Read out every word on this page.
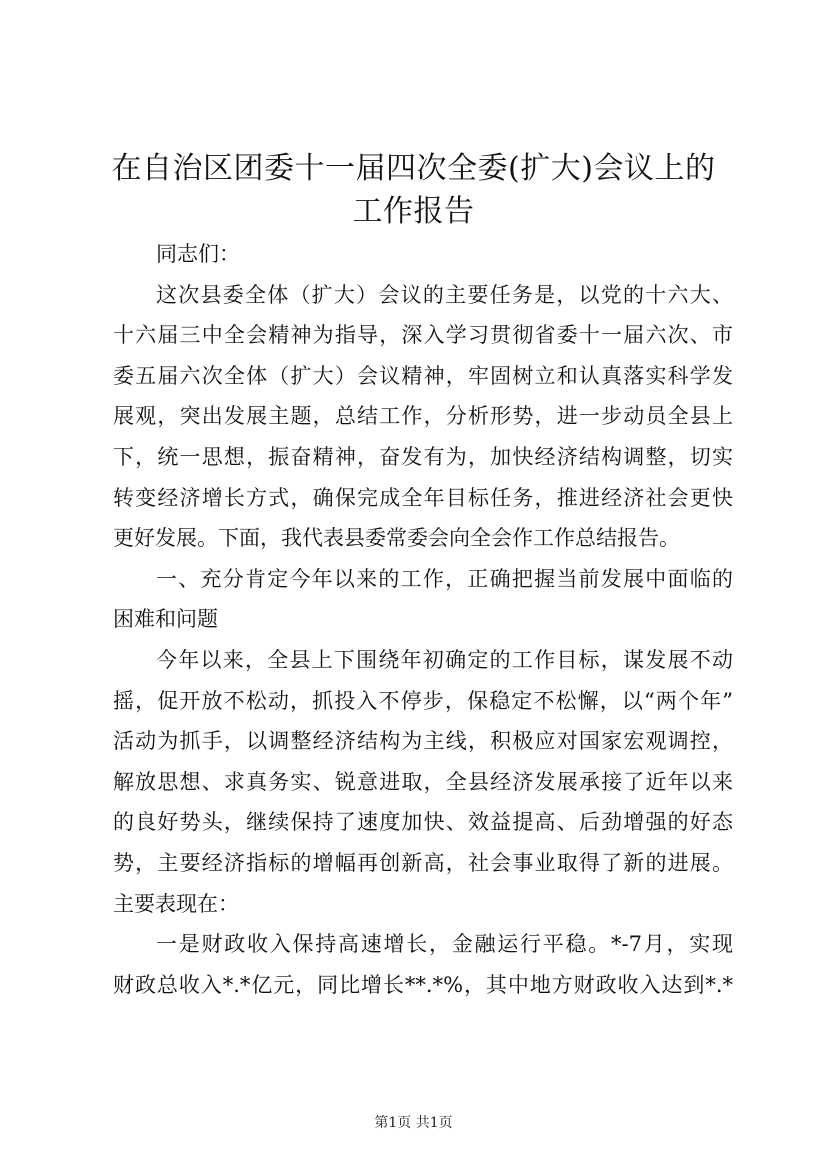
在自治区团委十一届四次全委(扩大)会议上的
工作报告
同志们：
这次县委全体（扩大）会议的主要任务是，以党的十六大、
十六届三中全会精神为指导，深入学习贯彻省委十一届六次、市
委五届六次全体（扩大）会议精神，牢固树立和认真落实科学发
展观，突出发展主题，总结工作，分析形势，进一步动员全县上
下，统一思想，振奋精神，奋发有为，加快经济结构调整，切实
转变经济增长方式，确保完成全年目标任务，推进经济社会更快
更好发展。下面，我代表县委常委会向全会作工作总结报告。
一、充分肯定今年以来的工作，正确把握当前发展中面临的
困难和问题
今年以来，全县上下围绕年初确定的工作目标，谋发展不动
摇，促开放不松动，抓投入不停步，保稳定不松懈，以“两个年”
活动为抓手，以调整经济结构为主线，积极应对国家宏观调控，
解放思想、求真务实、锐意进取，全县经济发展承接了近年以来
的良好势头，继续保持了速度加快、效益提高、后劲增强的好态
势，主要经济指标的增幅再创新高，社会事业取得了新的进展。
主要表现在：
一是财政收入保持高速增长，金融运行平稳。*-7月，实现
财政总收入*.*亿元，同比增长**.*%，其中地方财政收入达到*.*
第1页 共1页
